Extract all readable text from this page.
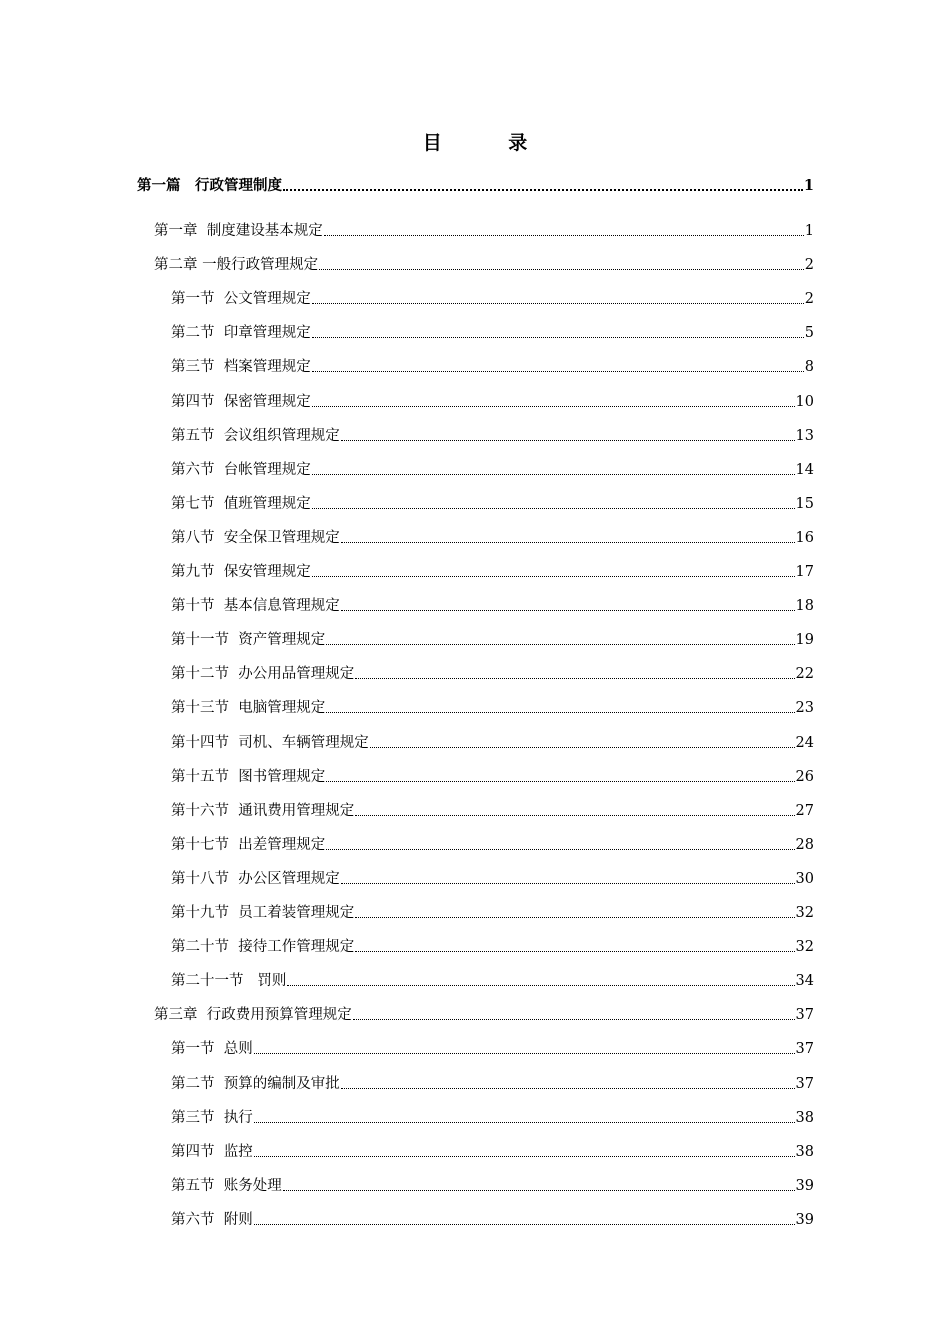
目 录
第一篇　行政管理制度	1
第一章  制度建设基本规定	1
第二章 一般行政管理规定	2
第一节  公文管理规定	2
第二节  印章管理规定	5
第三节  档案管理规定	8
第四节  保密管理规定	10
第五节  会议组织管理规定	13
第六节  台帐管理规定	14
第七节  值班管理规定	15
第八节  安全保卫管理规定	16
第九节  保安管理规定	17
第十节  基本信息管理规定	18
第十一节  资产管理规定	19
第十二节  办公用品管理规定	22
第十三节  电脑管理规定	23
第十四节  司机、车辆管理规定	24
第十五节  图书管理规定	26
第十六节  通讯费用管理规定	27
第十七节  出差管理规定	28
第十八节  办公区管理规定	30
第十九节  员工着装管理规定	32
第二十节  接待工作管理规定	32
第二十一节   罚则	34
第三章  行政费用预算管理规定	37
第一节  总则	37
第二节  预算的编制及审批	37
第三节  执行	38
第四节  监控	38
第五节  账务处理	39
第六节  附则	39
